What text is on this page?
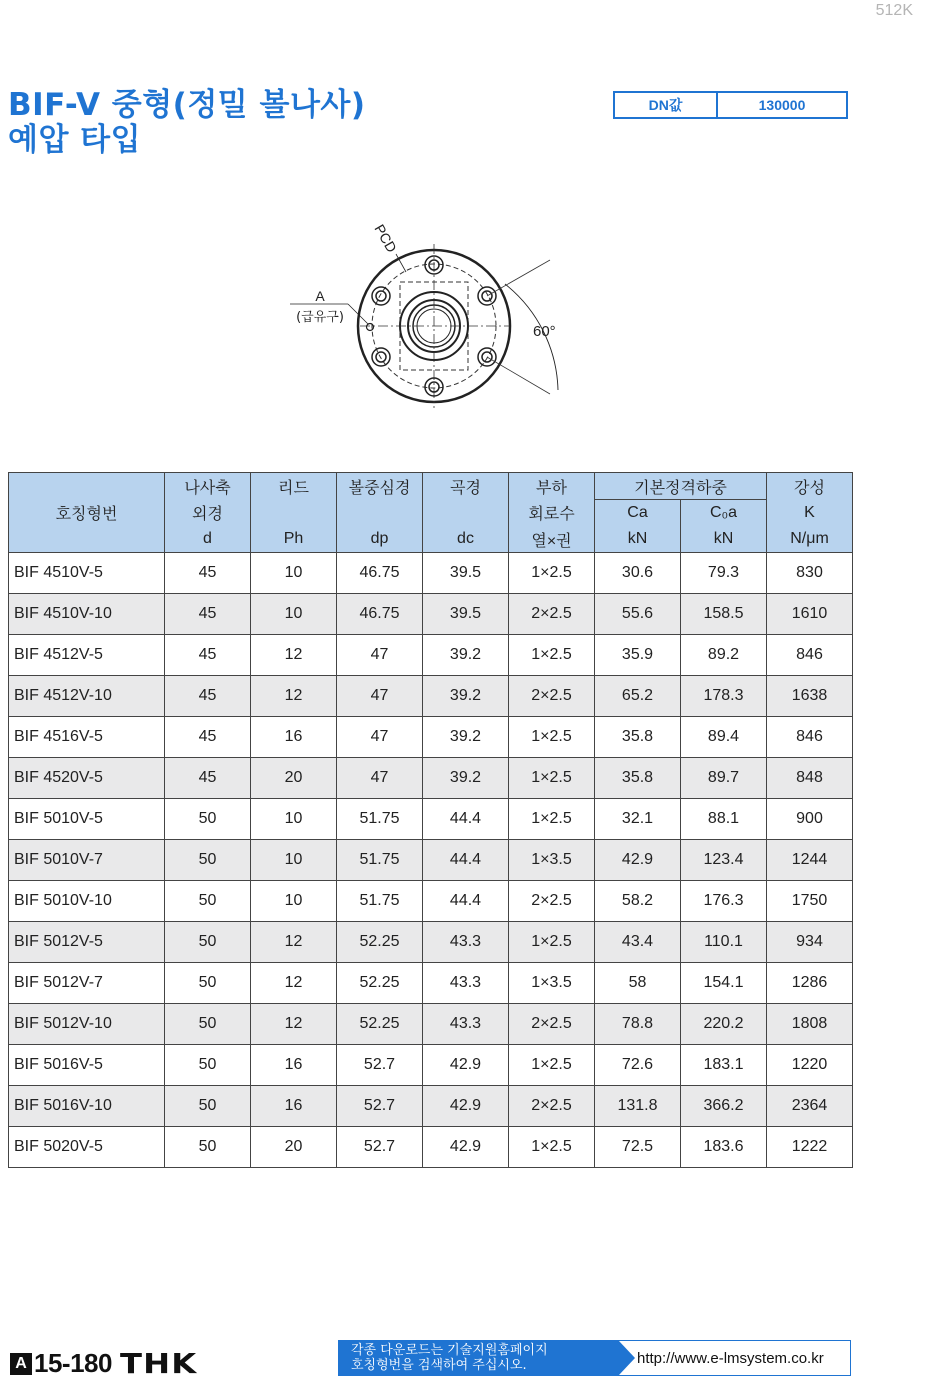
512K
BIF-V 중형(정밀 볼나사)
예압 타입
DN값	130000
A
(급유구)
PCD
60°
호칭형번	나사축	리드	볼중심경	곡경	부하	기본정격하중		강성
	외경				회로수	Ca	C₀a	K
	d	Ph	dp	dc	열×권	kN	kN	N/μm
BIF 4510V-5	45	10	46.75	39.5	1×2.5	30.6	79.3	830
BIF 4510V-10	45	10	46.75	39.5	2×2.5	55.6	158.5	1610
BIF 4512V-5	45	12	47	39.2	1×2.5	35.9	89.2	846
BIF 4512V-10	45	12	47	39.2	2×2.5	65.2	178.3	1638
BIF 4516V-5	45	16	47	39.2	1×2.5	35.8	89.4	846
BIF 4520V-5	45	20	47	39.2	1×2.5	35.8	89.7	848
BIF 5010V-5	50	10	51.75	44.4	1×2.5	32.1	88.1	900
BIF 5010V-7	50	10	51.75	44.4	1×3.5	42.9	123.4	1244
BIF 5010V-10	50	10	51.75	44.4	2×2.5	58.2	176.3	1750
BIF 5012V-5	50	12	52.25	43.3	1×2.5	43.4	110.1	934
BIF 5012V-7	50	12	52.25	43.3	1×3.5	58	154.1	1286
BIF 5012V-10	50	12	52.25	43.3	2×2.5	78.8	220.2	1808
BIF 5016V-5	50	16	52.7	42.9	1×2.5	72.6	183.1	1220
BIF 5016V-10	50	16	52.7	42.9	2×2.5	131.8	366.2	2364
BIF 5020V-5	50	20	52.7	42.9	1×2.5	72.5	183.6	1222
A 15-180 THK	각종 다운로드는 기술지원홈페이지
호칭형번을 검색하여 주십시오.	http://www.e-lmsystem.co.kr
